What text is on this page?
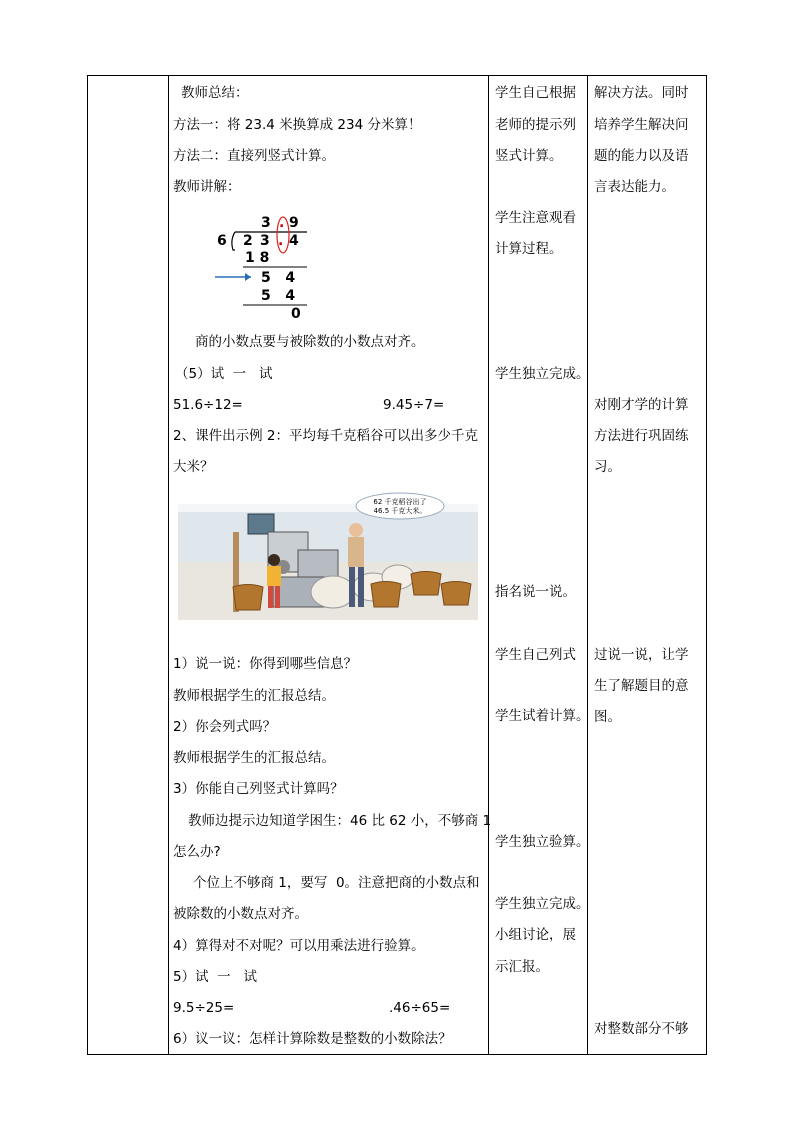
教师总结：
方法一：将 23.4 米换算成 234 分米算！
方法二：直接列竖式计算。
教师讲解：
3 . 9
6 2 3 . 4
1 8
5   4
5   4
0
商的小数点要与被除数的小数点对齐。
（5）试  一   试
51.6÷12=	9.45÷7=
2、课件出示例 2：平均每千克稻谷可以出多少千克
大米？
62 千克稻谷出了
46.5 千克大米。
1）说一说：你得到哪些信息？
教师根据学生的汇报总结。
2）你会列式吗？
教师根据学生的汇报总结。
3）你能自己列竖式计算吗？
教师边提示边知道学困生：46 比 62 小，不够商 1
怎么办?
个位上不够商 1，要写  0。注意把商的小数点和
被除数的小数点对齐。
4）算得对不对呢？可以用乘法进行验算。
5）试  一   试
9.5÷25=	.46÷65=
6）议一议：怎样计算除数是整数的小数除法？
学生自己根据
老师的提示列
竖式计算。
学生注意观看
计算过程。
学生独立完成。
指名说一说。
学生自己列式
学生试着计算。
学生独立验算。
学生独立完成。
小组讨论，展
示汇报。
解决方法。同时
培养学生解决问
题的能力以及语
言表达能力。
对刚才学的计算
方法进行巩固练
习。
过说一说，让学
生了解题目的意
图。
对整数部分不够
